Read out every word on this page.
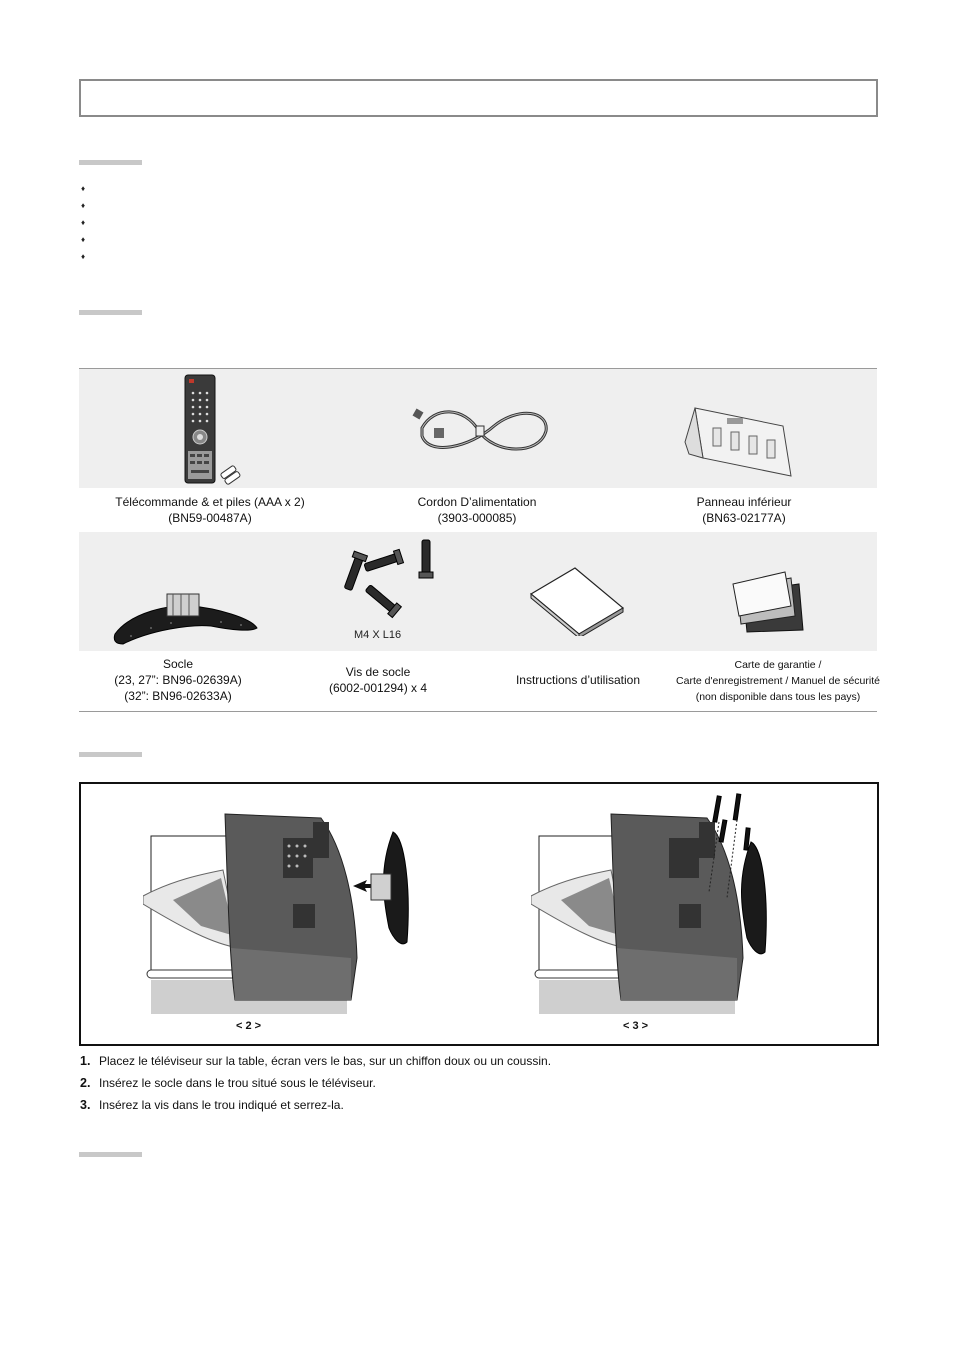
♦
♦
♦
♦
♦
Télécommande & et piles (AAA x 2)
(BN59-00487A)
Cordon D’alimentation
(3903-000085)
Panneau inférieur
(BN63-02177A)
M4 X L16
Socle
(23, 27”: BN96-02639A)
(32”: BN96-02633A)
Vis de socle
(6002-001294) x 4
Instructions d’utilisation
Carte de garantie /
Carte d'enregistrement / Manuel de sécurité
(non disponible dans tous les pays)
< 2 >	< 3 >
1. Placez le téléviseur sur la table, écran vers le bas, sur un chiffon doux ou un coussin.
2. Insérez le socle dans le trou situé sous le téléviseur.
3. Insérez la vis dans le trou indiqué et serrez-la.
